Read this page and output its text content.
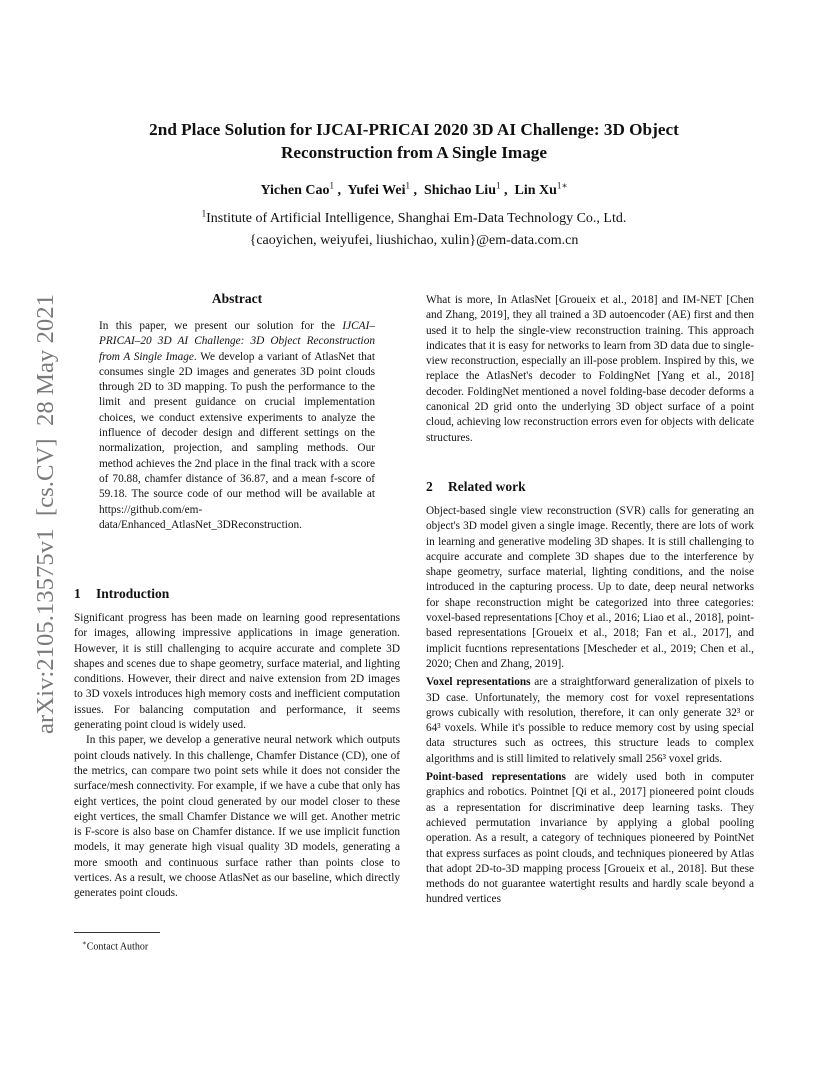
arXiv:2105.13575v1  [cs.CV]  28 May 2021
2nd Place Solution for IJCAI-PRICAI 2020 3D AI Challenge: 3D Object
Reconstruction from A Single Image
Yichen Cao$^1$ ,  Yufei Wei$^1$ ,  Shichao Liu$^1$ ,  Lin $Xu^{1∗}$
$^1$Institute of Artificial Intelligence, Shanghai Em-Data Technology Co., Ltd.
{caoyichen, weiyufei, liushichao, xulin}@em-data.com.cn
Abstract

In this paper, we present our solution for the IJCAI–PRICAI–20 3D AI Challenge: 3D Object Reconstruction from A Single Image. We develop a variant of AtlasNet that consumes single 2D images and generates 3D point clouds through 2D to 3D mapping. To push the performance to the limit and present guidance on crucial implementation choices, we conduct extensive experiments to analyze the influence of decoder design and different settings on the normalization, projection, and sampling methods. Our method achieves the 2nd place in the final track with a score of 70.88, chamfer distance of 36.87, and a mean f-score of 59.18. The source code of our method will be available at https://github.com/em-data/Enhanced_AtlasNet_3DReconstruction.

1 Introduction

Significant progress has been made on learning good representations for images, allowing impressive applications in image generation. However, it is still challenging to acquire accurate and complete 3D shapes and scenes due to shape geometry, surface material, and lighting conditions. However, their direct and naive extension from 2D images to 3D voxels introduces high memory costs and inefficient computation issues. For balancing computation and performance, it seems generating point cloud is widely used.

In this paper, we develop a generative neural network which outputs point clouds natively. In this challenge, Chamfer Distance (CD), one of the metrics, can compare two point sets while it does not consider the surface/mesh connectivity. For example, if we have a cube that only has eight vertices, the point cloud generated by our model closer to these eight vertices, the small Chamfer Distance we will get. Another metric is F-score is also base on Chamfer distance. If we use implicit function models, it may generate high visual quality 3D models, generating a more smooth and continuous surface rather than points close to vertices. As a result, we choose AtlasNet as our baseline, which directly generates point clouds.

What is more, In AtlasNet [Groueix et al., 2018] and IM-NET [Chen and Zhang, 2019], they all trained a 3D autoencoder (AE) first and then used it to help the single-view reconstruction training. This approach indicates that it is easy for networks to learn from 3D data due to single-view reconstruction, especially an ill-pose problem. Inspired by this, we replace the AtlasNet's decoder to FoldingNet [Yang et al., 2018] decoder. FoldingNet mentioned a novel folding-base decoder deforms a canonical 2D grid onto the underlying 3D object surface of a point cloud, achieving low reconstruction errors even for objects with delicate structures.

2 Related work

Object-based single view reconstruction (SVR) calls for generating an object's 3D model given a single image. Recently, there are lots of work in learning and generative modeling 3D shapes. It is still challenging to acquire accurate and complete 3D shapes due to the interference by shape geometry, surface material, lighting conditions, and the noise introduced in the capturing process. Up to date, deep neural networks for shape reconstruction might be categorized into three categories: voxel-based representations [Choy et al., 2016; Liao et al., 2018], point-based representations [Groueix et al., 2018; Fan et al., 2017], and implicit fucntions representations [Mescheder et al., 2019; Chen et al., 2020; Chen and Zhang, 2019].

Voxel representations are a straightforward generalization of pixels to 3D case. Unfortunately, the memory cost for voxel representations grows cubically with resolution, therefore, it can only generate 32³ or 64³ voxels. While it's possible to reduce memory cost by using special data structures such as octrees, this structure leads to complex algorithms and is still limited to relatively small 256³ voxel grids.

Point-based representations are widely used both in computer graphics and robotics. Pointnet [Qi et al., 2017] pioneered point clouds as a representation for discriminative deep learning tasks. They achieved permutation invariance by applying a global pooling operation. As a result, a category of techniques pioneered by PointNet that express surfaces as point clouds, and techniques pioneered by Atlas that adopt 2D-to-3D mapping process [Groueix et al., 2018]. But these methods do not guarantee watertight results and hardly scale beyond a hundred vertices

∗Contact Author
